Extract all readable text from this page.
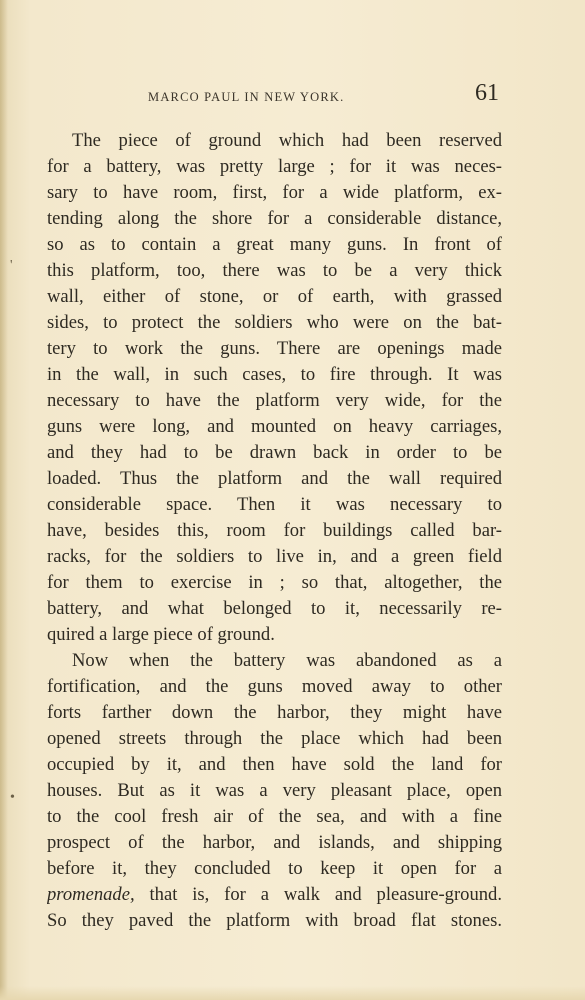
MARCO PAUL IN NEW YORK.	61
'
•
The piece of ground which had been reserved
for a battery, was pretty large ; for it was neces-
sary to have room, first, for a wide platform, ex-
tending along the shore for a considerable distance,
so as to contain a great many guns. In front of
this platform, too, there was to be a very thick
wall, either of stone, or of earth, with grassed
sides, to protect the soldiers who were on the bat-
tery to work the guns. There are openings made
in the wall, in such cases, to fire through. It was
necessary to have the platform very wide, for the
guns were long, and mounted on heavy carriages,
and they had to be drawn back in order to be
loaded. Thus the platform and the wall required
considerable space. Then it was necessary to
have, besides this, room for buildings called bar-
racks, for the soldiers to live in, and a green field
for them to exercise in ; so that, altogether, the
battery, and what belonged to it, necessarily re-
quired a large piece of ground.
Now when the battery was abandoned as a
fortification, and the guns moved away to other
forts farther down the harbor, they might have
opened streets through the place which had been
occupied by it, and then have sold the land for
houses. But as it was a very pleasant place, open
to the cool fresh air of the sea, and with a fine
prospect of the harbor, and islands, and shipping
before it, they concluded to keep it open for a
promenade, that is, for a walk and pleasure-ground.
So they paved the platform with broad flat stones.
